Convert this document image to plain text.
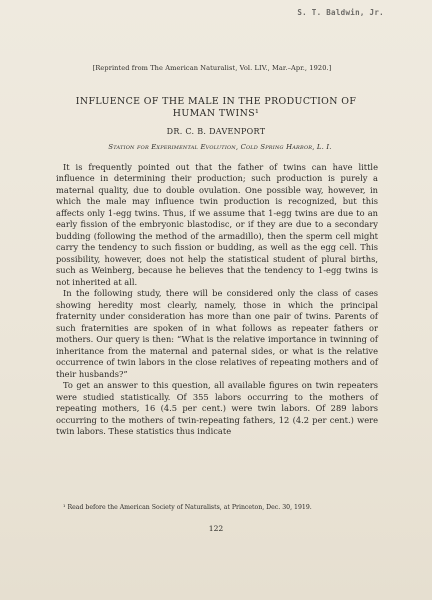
S. T. Baldwin, Jr.
[Reprinted from The American Naturalist, Vol. LIV., Mar.–Apr., 1920.]
INFLUENCE OF THE MALE IN THE PRODUCTION OF HUMAN TWINS¹
DR. C. B. DAVENPORT
Station for Experimental Evolution, Cold Spring Harbor, L. I.

It is frequently pointed out that the father of twins can have little influence in determining their production; such production is purely a maternal quality, due to double ovulation. One possible way, however, in which the male may influence twin production is recognized, but this affects only 1-egg twins. Thus, if we assume that 1-egg twins are due to an early fission of the embryonic blastodisc, or if they are due to a secondary budding (following the method of the armadillo), then the sperm cell might carry the tendency to such fission or budding, as well as the egg cell. This possibility, however, does not help the statistical student of plural births, such as Weinberg, because he believes that the tendency to 1-egg twins is not inherited at all.

In the following study, there will be considered only the class of cases showing heredity most clearly, namely, those in which the principal fraternity under consideration has more than one pair of twins. Parents of such fraternities are spoken of in what follows as repeater fathers or mothers. Our query is then: “What is the relative importance in twinning of inheritance from the maternal and paternal sides, or what is the relative occurrence of twin labors in the close relatives of repeating mothers and of their husbands?”

To get an answer to this question, all available figures on twin repeaters were studied statistically. Of 355 labors occurring to the mothers of repeating mothers, 16 (4.5 per cent.) were twin labors. Of 289 labors occurring to the mothers of twin-repeating fathers, 12 (4.2 per cent.) were twin labors. These statistics thus indicate

¹ Read before the American Society of Naturalists, at Princeton, Dec. 30, 1919.
122
